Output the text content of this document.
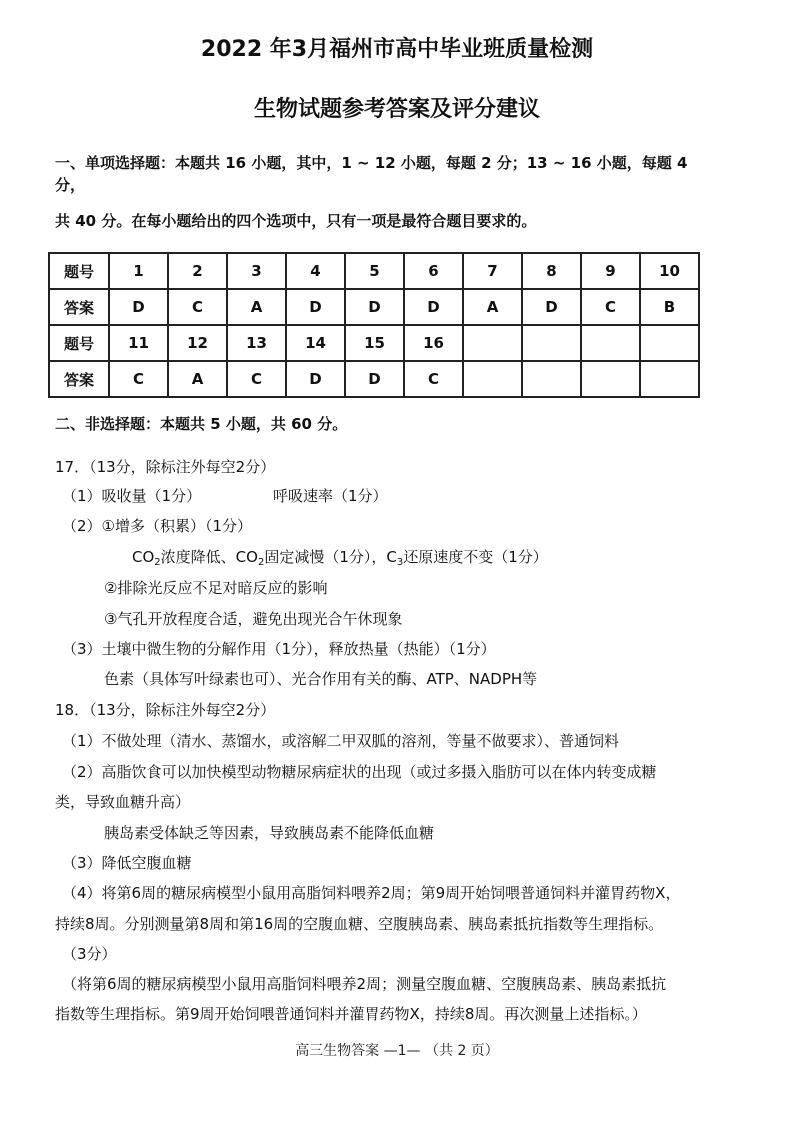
2022 年3月福州市高中毕业班质量检测
生物试题参考答案及评分建议
一、单项选择题：本题共 16 小题，其中，1 ~ 12 小题，每题 2 分；13 ~ 16 小题，每题 4
分，
共 40 分。在每小题给出的四个选项中，只有一项是最符合题目要求的。
题号	1	2	3	4	5	6	7	8	9	10
答案	D	C	A	D	D	D	A	D	C	B
题号	11	12	13	14	15	16				
答案	C	A	C	D	D	C				
二、非选择题：本题共 5 小题，共 60 分。
17．（13分，除标注外每空2分）
（1）吸收量（1分）	呼吸速率（1分）
（2）①增多（积累）（1分）
$CO_2$浓度降低、$CO_2$固定减慢（1分），$C_3$还原速度不变（1分）
②排除光反应不足对暗反应的影响
③气孔开放程度合适，避免出现光合午休现象
（3）土壤中微生物的分解作用（1分），释放热量（热能）（1分）
色素（具体写叶绿素也可）、光合作用有关的酶、ATP、NADPH等
18．（13分，除标注外每空2分）
（1）不做处理（清水、蒸馏水，或溶解二甲双胍的溶剂，等量不做要求）、普通饲料
（2）高脂饮食可以加快模型动物糖尿病症状的出现（或过多摄入脂肪可以在体内转变成糖
类，导致血糖升高）
胰岛素受体缺乏等因素，导致胰岛素不能降低血糖
（3）降低空腹血糖
（4）将第6周的糖尿病模型小鼠用高脂饲料喂养2周；第9周开始饲喂普通饲料并灌胃药物X，
持续8周。分别测量第8周和第16周的空腹血糖、空腹胰岛素、胰岛素抵抗指数等生理指标。
（3分）
（将第6周的糖尿病模型小鼠用高脂饲料喂养2周；测量空腹血糖、空腹胰岛素、胰岛素抵抗
指数等生理指标。第9周开始饲喂普通饲料并灌胃药物X，持续8周。再次测量上述指标。）
高三生物答案 —1— （共 2 页）
